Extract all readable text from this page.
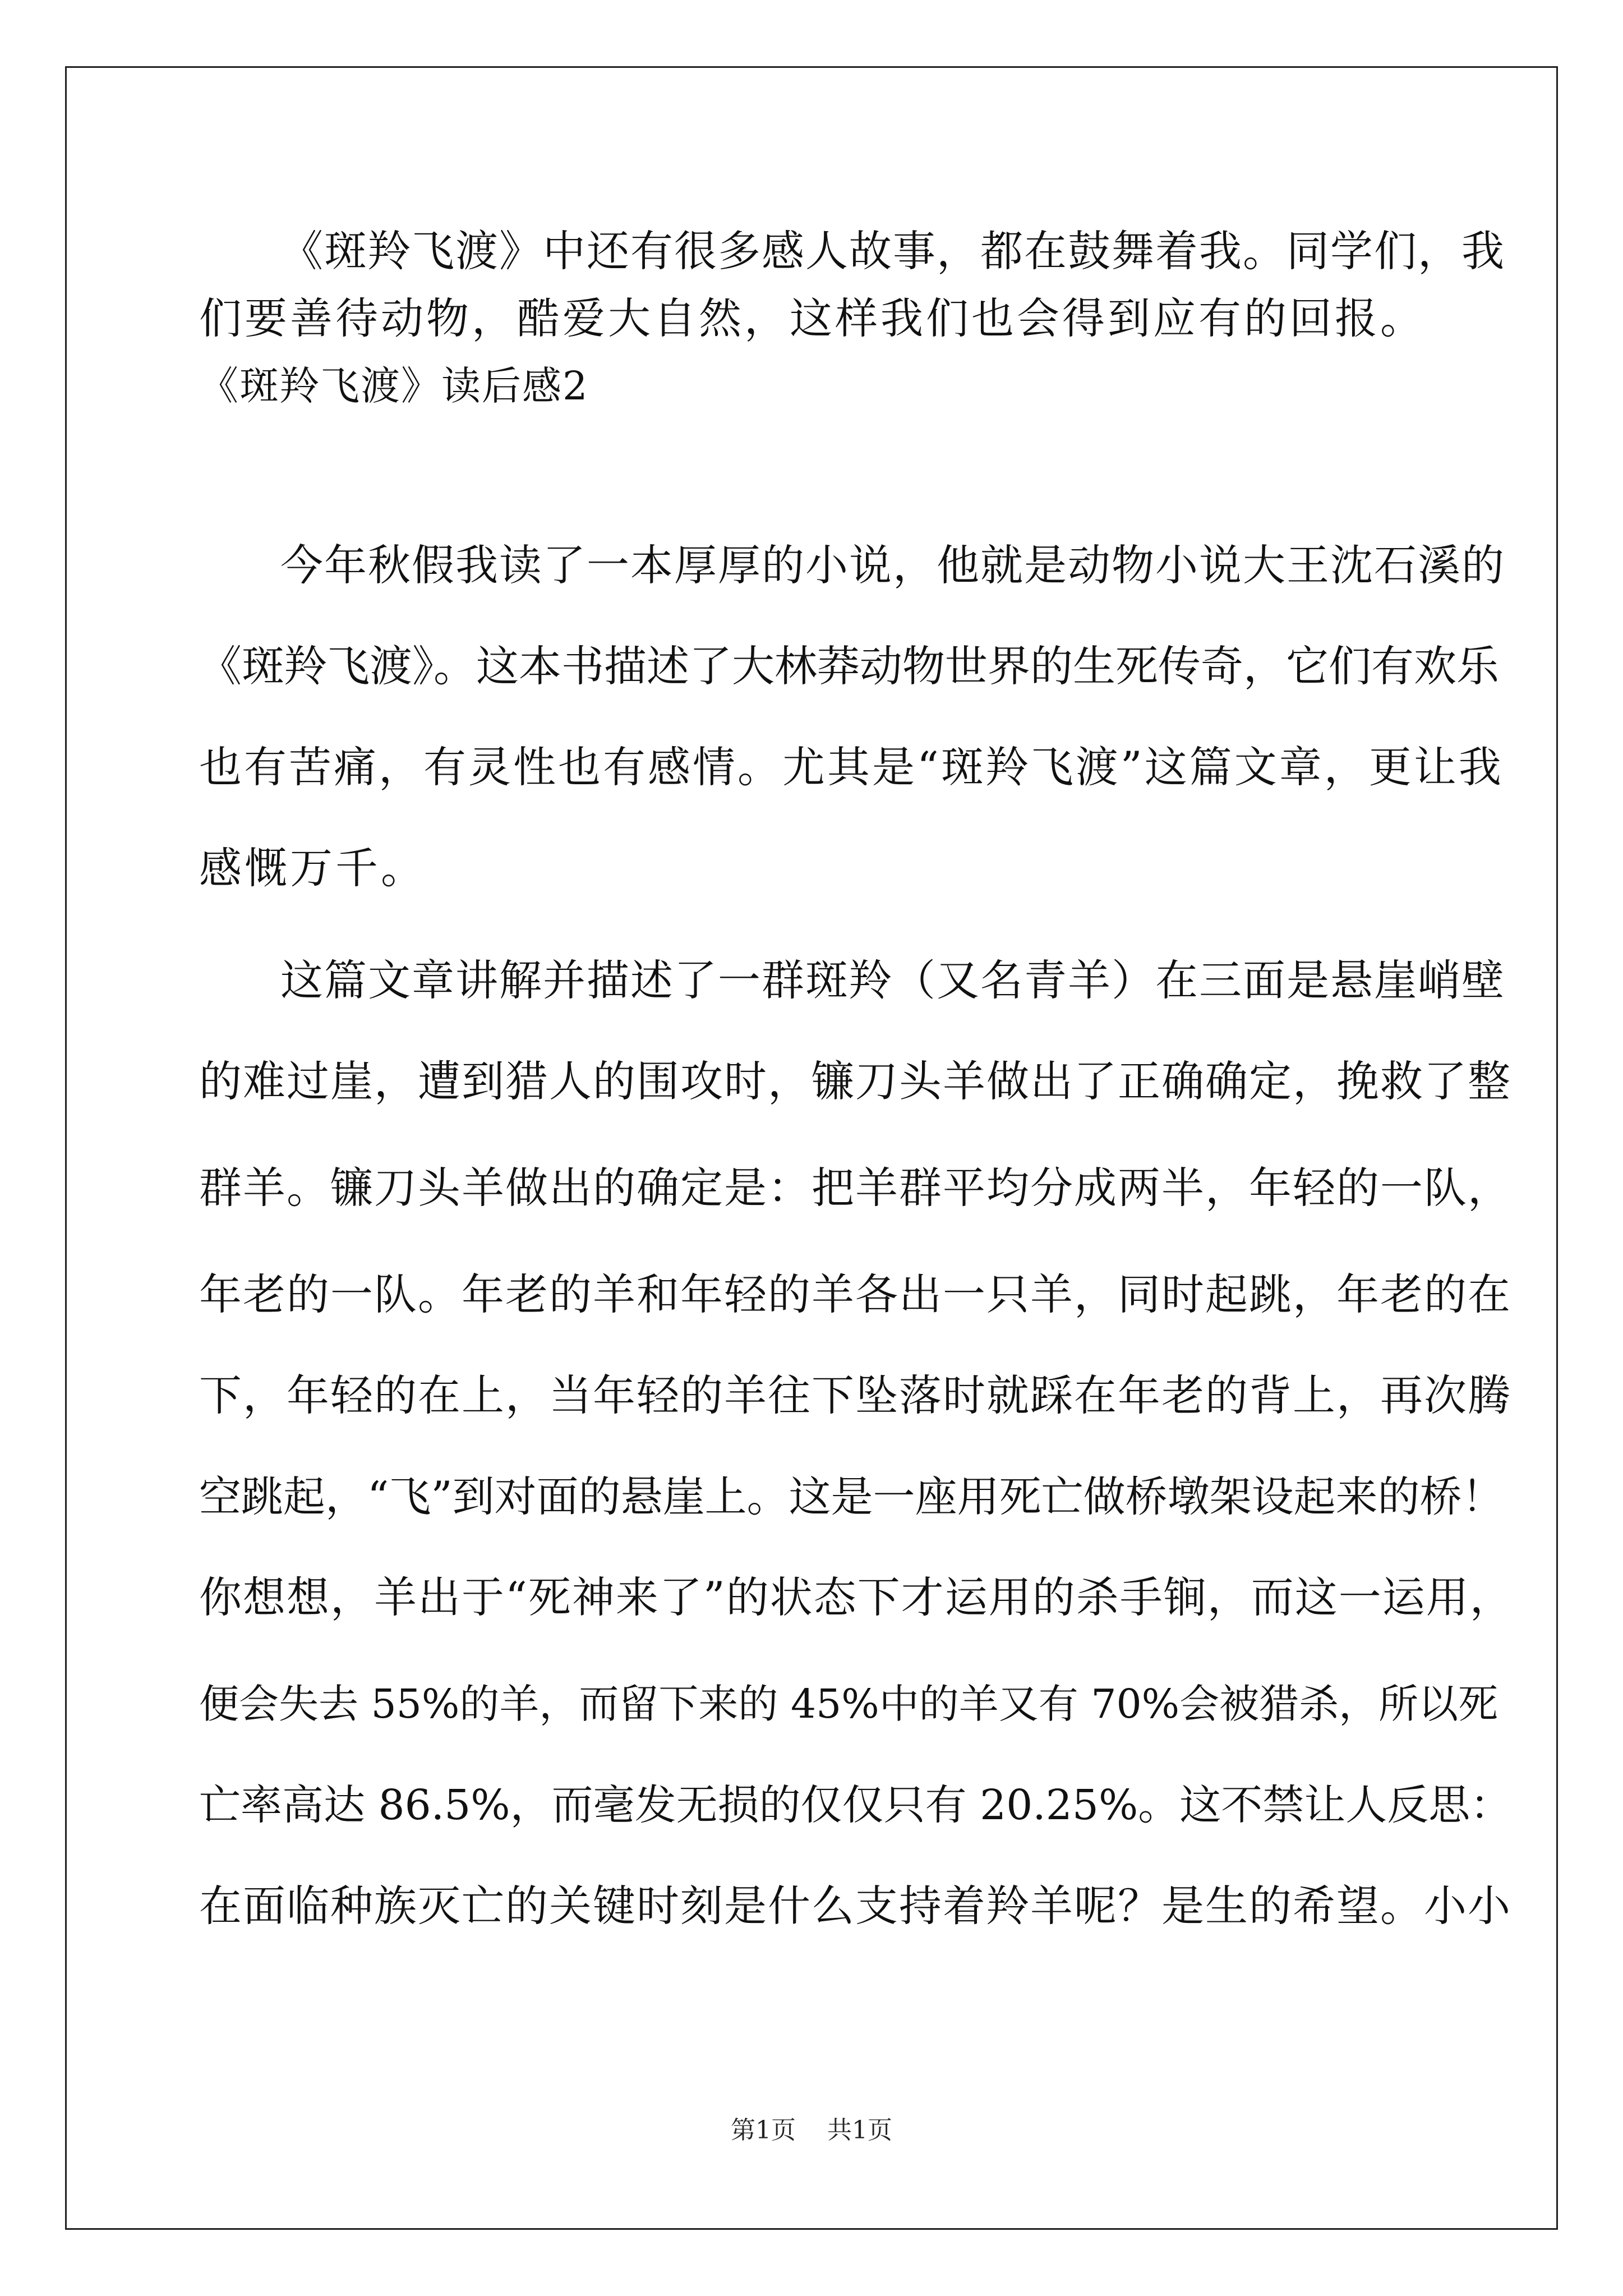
《斑羚飞渡》中还有很多感人故事，都在鼓舞着我。同学们，我

们要善待动物，酷爱大自然，这样我们也会得到应有的回报。

《斑羚飞渡》读后感2

今年秋假我读了一本厚厚的小说，他就是动物小说大王沈石溪的

《斑羚飞渡》。这本书描述了大林莽动物世界的生死传奇，它们有欢乐

也有苦痛，有灵性也有感情。尤其是“斑羚飞渡”这篇文章，更让我

感慨万千。

这篇文章讲解并描述了一群斑羚（又名青羊）在三面是悬崖峭壁

的难过崖，遭到猎人的围攻时，镰刀头羊做出了正确确定，挽救了整

群羊。镰刀头羊做出的确定是：把羊群平均分成两半，年轻的一队，

年老的一队。年老的羊和年轻的羊各出一只羊，同时起跳，年老的在

下，年轻的在上，当年轻的羊往下坠落时就踩在年老的背上，再次腾

空跳起，“飞”到对面的悬崖上。这是一座用死亡做桥墩架设起来的桥！

你想想，羊出于“死神来了”的状态下才运用的杀手锏，而这一运用，

便会失去 55%的羊，而留下来的 45%中的羊又有 70%会被猎杀，所以死

亡率高达 86.5%，而毫发无损的仅仅只有 20.25%。这不禁让人反思：

在面临种族灭亡的关键时刻是什么支持着羚羊呢？是生的希望。小小

第1页    共1页
